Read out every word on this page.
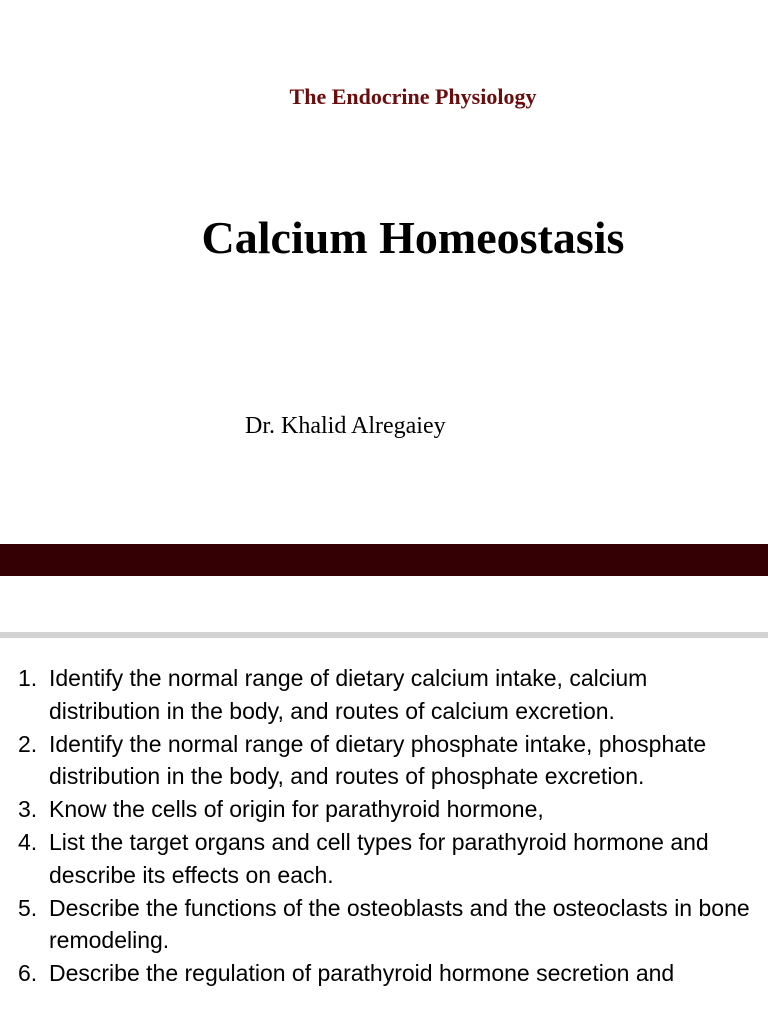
The Endocrine Physiology
Calcium Homeostasis
Dr. Khalid Alregaiey
1. Identify the normal range of dietary calcium intake, calcium distribution in the body, and routes of calcium excretion.
2. Identify the normal range of dietary phosphate intake, phosphate distribution in the body, and routes of phosphate excretion.
3. Know the cells of origin for parathyroid hormone,
4. List the target organs and cell types for parathyroid hormone and describe its effects on each.
5. Describe the functions of the osteoblasts and the osteoclasts in bone remodeling.
6. Describe the regulation of parathyroid hormone secretion and
